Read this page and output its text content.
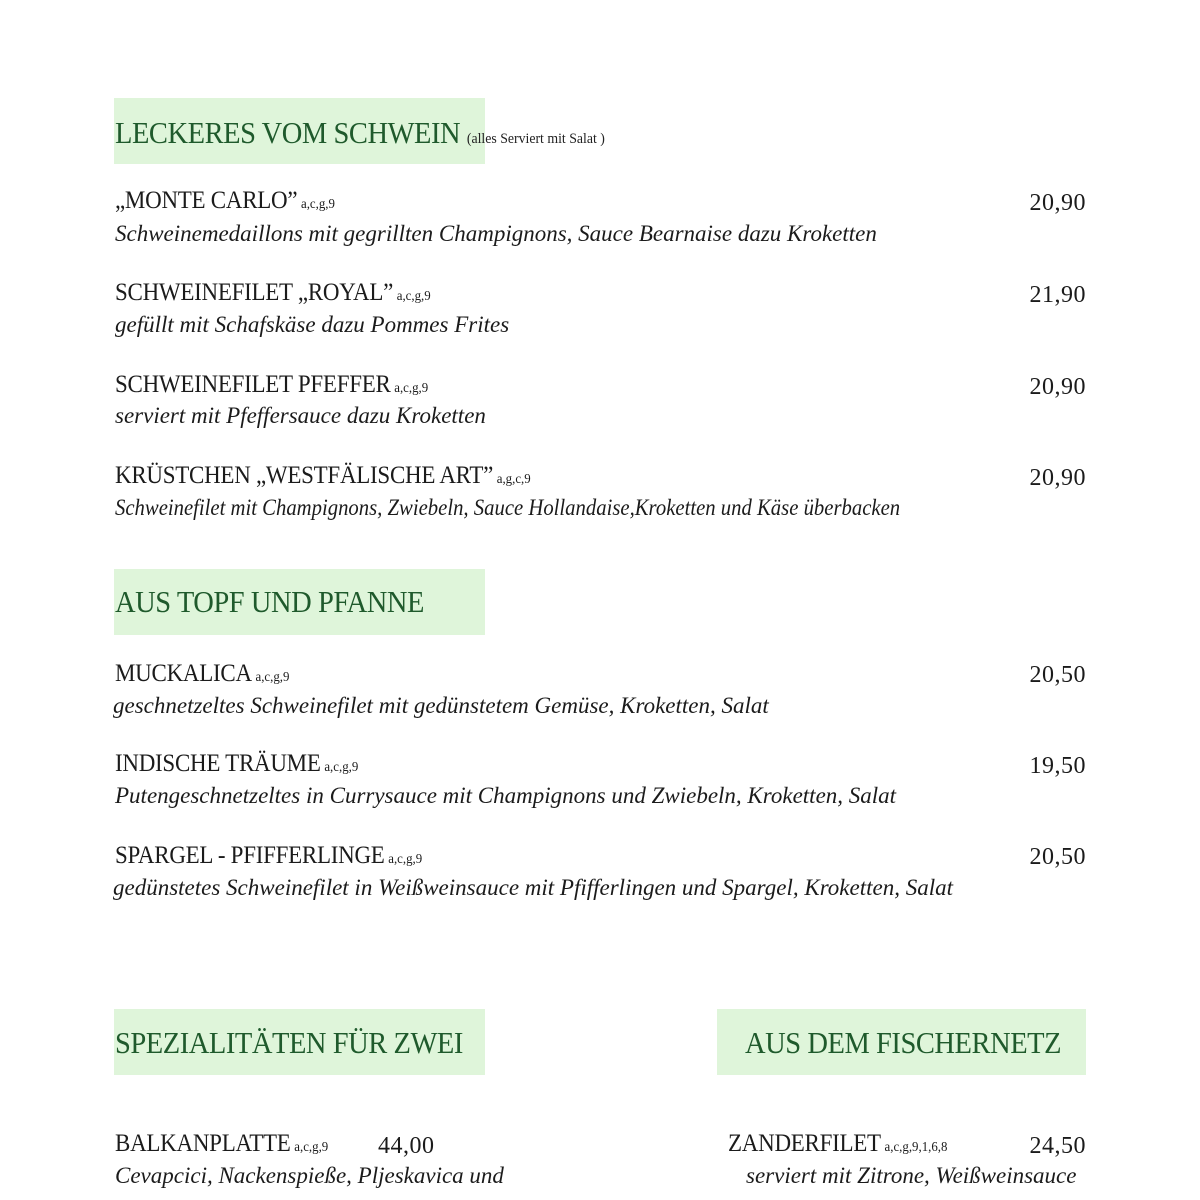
LECKERES VOM SCHWEIN (alles Serviert mit Salat )
„MONTE CARLO” a,c,g,9	20,90
Schweinemedaillons mit gegrillten Champignons, Sauce Bearnaise dazu Kroketten
SCHWEINEFILET „ROYAL” a,c,g,9	21,90
gefüllt mit Schafskäse dazu Pommes Frites
SCHWEINEFILET PFEFFER a,c,g,9	20,90
serviert mit Pfeffersauce dazu Kroketten
KRÜSTCHEN „WESTFÄLISCHE ART” a,g,c,9	20,90
Schweinefilet mit Champignons, Zwiebeln, Sauce Hollandaise,Kroketten und Käse überbacken
AUS TOPF UND PFANNE
MUCKALICA a,c,g,9	20,50
geschnetzeltes Schweinefilet mit gedünstetem Gemüse, Kroketten, Salat
INDISCHE TRÄUME a,c,g,9	19,50
Putengeschnetzeltes in Currysauce mit Champignons und Zwiebeln, Kroketten, Salat
SPARGEL - PFIFFERLINGE a,c,g,9	20,50
gedünstetes Schweinefilet in Weißweinsauce mit Pfifferlingen und Spargel, Kroketten, Salat
SPEZIALITÄTEN FÜR ZWEI
BALKANPLATTE a,c,g,9 44,00
Cevapcici, Nackenspieße, Pljeskavica und
AUS DEM FISCHERNETZ
ZANDERFILET a,c,g,9,1,6,8	24,50
serviert mit Zitrone, Weißweinsauce
